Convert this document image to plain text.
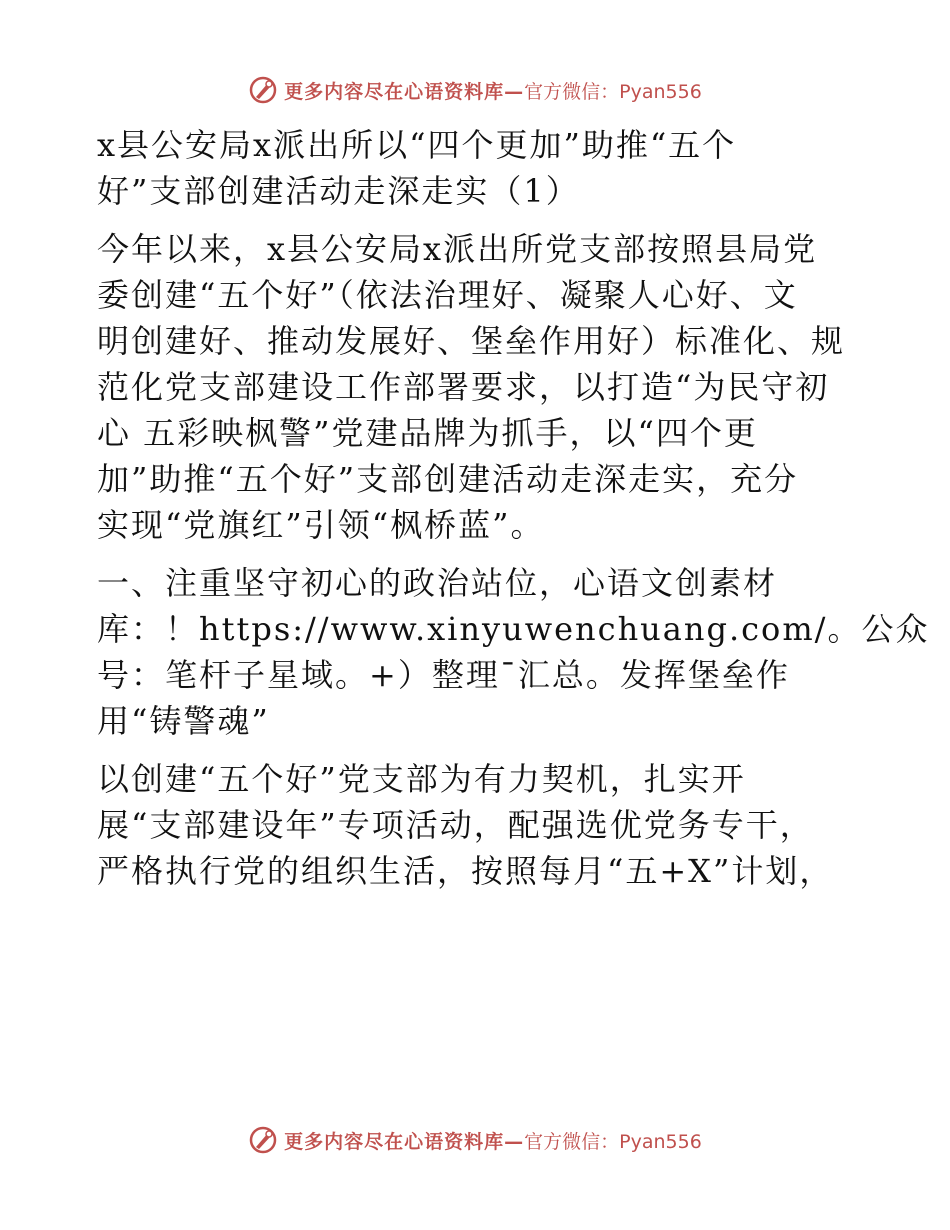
更多内容尽在心语资料库— 官方微信：Pyan556

x县公安局x派出所以“四个更加”助推“五个
好”支部创建活动走深走实（1）

今年以来，x县公安局x派出所党支部按照县局党
委创建“五个好”（依法治理好、凝聚人心好、文
明创建好、推动发展好、堡垒作用好）标准化、规
范化党支部建设工作部署要求，以打造“为民守初
心 五彩映枫警”党建品牌为抓手，以“四个更
加”助推“五个好”支部创建活动走深走实，充分
实现“党旗红”引领“枫桥蓝”。

一、注重坚守初心的政治站位，心语文创素材
库：！https://www.xinyuwenchuang.com/。公众
号：笔杆子星域。+）整理¯汇总。发挥堡垒作
用“铸警魂”

以创建“五个好”党支部为有力契机，扎实开
展“支部建设年”专项活动，配强选优党务专干，
严格执行党的组织生活，按照每月“五+X”计划，

更多内容尽在心语资料库— 官方微信：Pyan556
